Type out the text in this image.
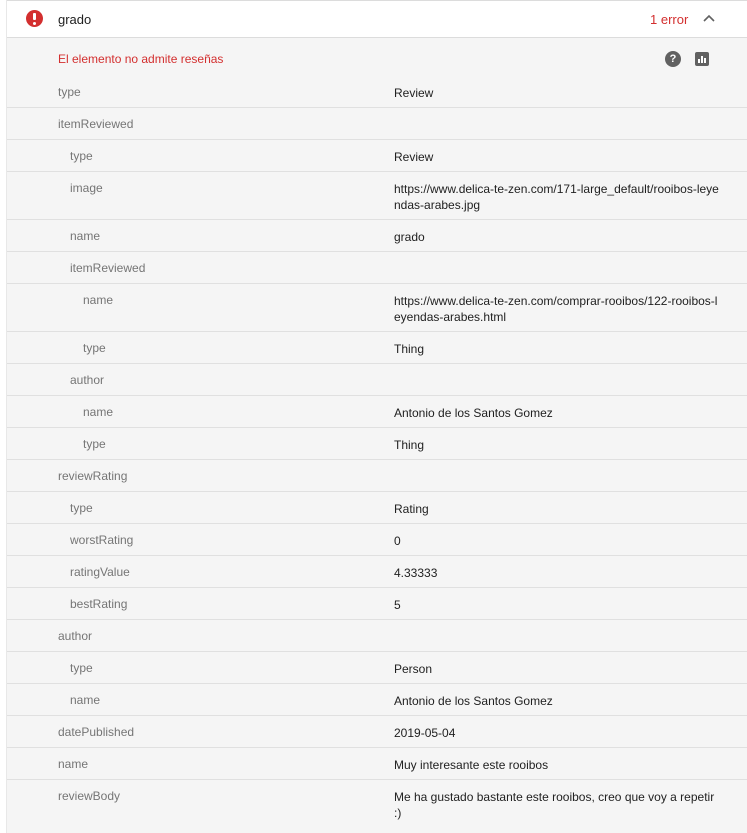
grado	1 error
El elemento no admite reseñas	?
type	Review
itemReviewed
type	Review
image	https://www.delica-te-zen.com/171-large_default/rooibos-leyendas-arabes.jpg
name	grado
itemReviewed
name	https://www.delica-te-zen.com/comprar-rooibos/122-rooibos-leyendas-arabes.html
type	Thing
author
name	Antonio de los Santos Gomez
type	Thing
reviewRating
type	Rating
worstRating	0
ratingValue	4.33333
bestRating	5
author
type	Person
name	Antonio de los Santos Gomez
datePublished	2019-05-04
name	Muy interesante este rooibos
reviewBody	Me ha gustado bastante este rooibos, creo que voy a repetir :)
